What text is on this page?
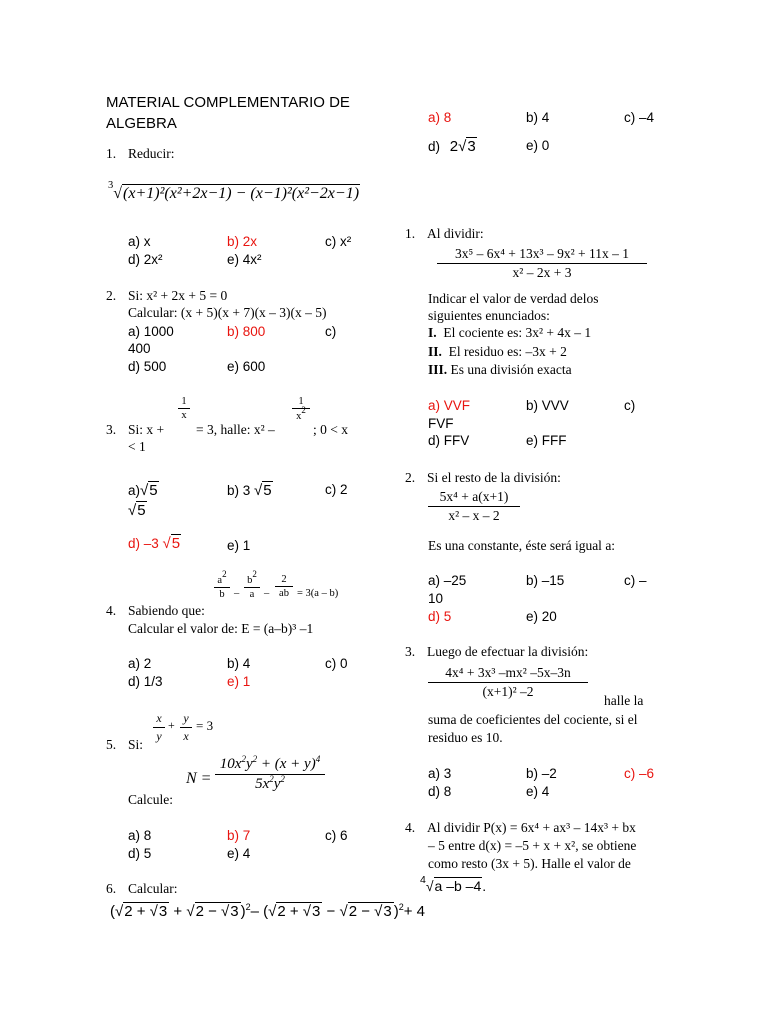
MATERIAL COMPLEMENTARIO DE ALGEBRA
1. Reducir:
$^3$√(x+1)²(x²+2x−1) − (x−1)²(x²−2x−1)
a) x	b) 2x	c) x²
d) 2x²	e) 4x²
2. Si: x² + 2x + 5 = 0
Calcular: (x + 5)(x + 7)(x – 3)(x – 5)
a) 1000	b) 800	c)
400
d) 500	e) 600
1
x
1
$x^2$
3. Si: x + = 3, halle: x² –	; 0 < x
< 1
a)√5	b) 3 √5	c) 2
√5
d) –3 √5	e) 1
$a^2$
b –
$b^2$
a –
2
ab = 3(a – b)
4. Sabiendo que:
Calcular el valor de: E = (a–b)³ –1
a) 2	b) 4	c) 0
d) 1/3	e) 1
x
y
+ y
x
= 3
5. Si:
N =
$10x^2y^2 + (x + y)^4$
$5x^2y^2$
Calcule:
a) 8	b) 7	c) 6
d) 5	e) 4
6. Calcular:
(√2 + √3 + √2 − √3 )$^2$– (√2 + √3 − √2 − √3 )$^2$+ 4
a) 8	b) 4	c) –4
d) 2√3	e) 0
1. Al dividir:
3x⁵ – 6x⁴ + 13x³ – 9x² + 11x – 1
x² – 2x + 3
Indicar el valor de verdad delos
siguientes enunciados:
I. El cociente es: 3x² + 4x – 1
II. El residuo es: –3x + 2
III. Es una división exacta
a) VVF	b) VVV	c)
FVF
d) FFV	e) FFF
2. Si el resto de la división:
5x⁴ + a(x+1)
x² – x – 2
Es una constante, éste será igual a:
a) –25	b) –15	c) –
10
d) 5	e) 20
3. Luego de efectuar la división:
4x⁴ + 3x³ –mx² –5x–3n
(x+1)² –2
halle la
suma de coeficientes del cociente, si el
residuo es 10.
a) 3	b) –2	c) –6
d) 8	e) 4
4. Al dividir P(x) = 6x⁴ + ax³ – 14x³ + bx
– 5 entre d(x) = –5 + x + x², se obtiene
como resto (3x + 5). Halle el valor de
$^4$√a –b –4.
